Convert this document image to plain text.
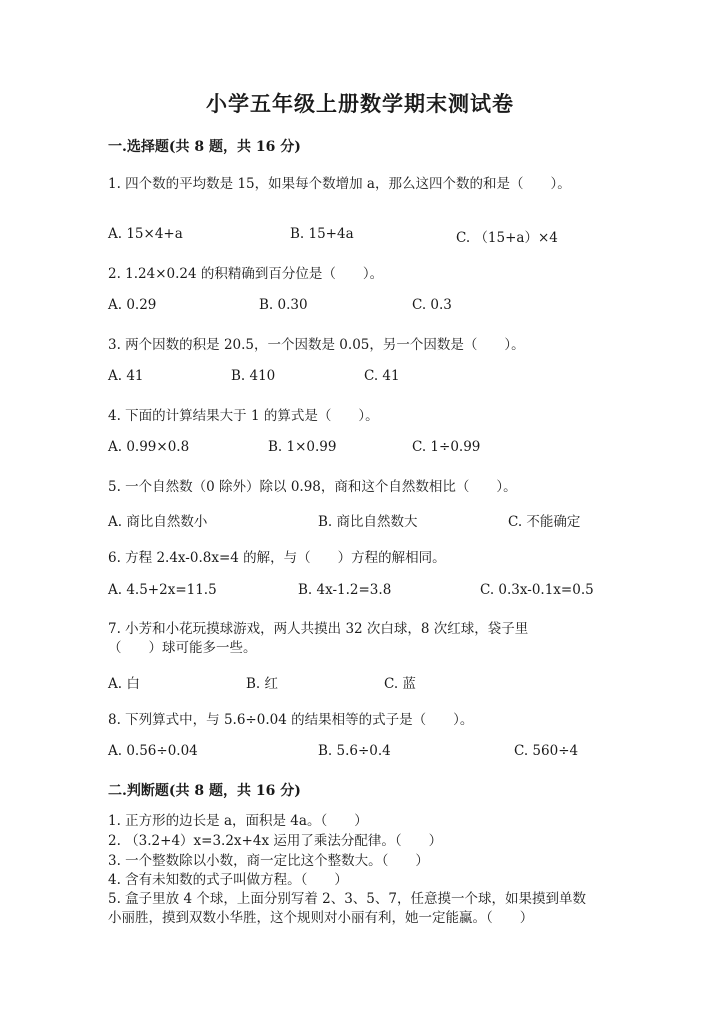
小学五年级上册数学期末测试卷
一.选择题(共 8 题，共 16 分)
1. 四个数的平均数是 15，如果每个数增加 a，那么这四个数的和是（　　）。
A. 15×4+a	B. 15+4a	C. （15+a）×4
2. 1.24×0.24 的积精确到百分位是（　　）。
A. 0.29	B. 0.30	C. 0.3
3. 两个因数的积是 20.5，一个因数是 0.05，另一个因数是（　　）。
A. 41	B. 410	C. 41
4. 下面的计算结果大于 1 的算式是（　　）。
A. 0.99×0.8	B. 1×0.99	C. 1÷0.99
5. 一个自然数（0 除外）除以 0.98，商和这个自然数相比（　　）。
A. 商比自然数小	B. 商比自然数大	C. 不能确定
6. 方程 2.4x-0.8x=4 的解，与（　　）方程的解相同。
A. 4.5+2x=11.5	B. 4x-1.2=3.8	C. 0.3x-0.1x=0.5
7. 小芳和小花玩摸球游戏，两人共摸出 32 次白球，8 次红球，袋子里
（　　）球可能多一些。
A. 白	B. 红	C. 蓝
8. 下列算式中，与 5.6÷0.04 的结果相等的式子是（　　）。
A. 0.56÷0.04	B. 5.6÷0.4	C. 560÷4
二.判断题(共 8 题，共 16 分)
1. 正方形的边长是 a，面积是 4a。（　　）
2. （3.2+4）x=3.2x+4x 运用了乘法分配律。（　　）
3. 一个整数除以小数，商一定比这个整数大。（　　）
4. 含有未知数的式子叫做方程。（　　）
5. 盒子里放 4 个球，上面分别写着 2、3、5、7，任意摸一个球，如果摸到单数
小丽胜，摸到双数小华胜，这个规则对小丽有利，她一定能赢。（　　）
